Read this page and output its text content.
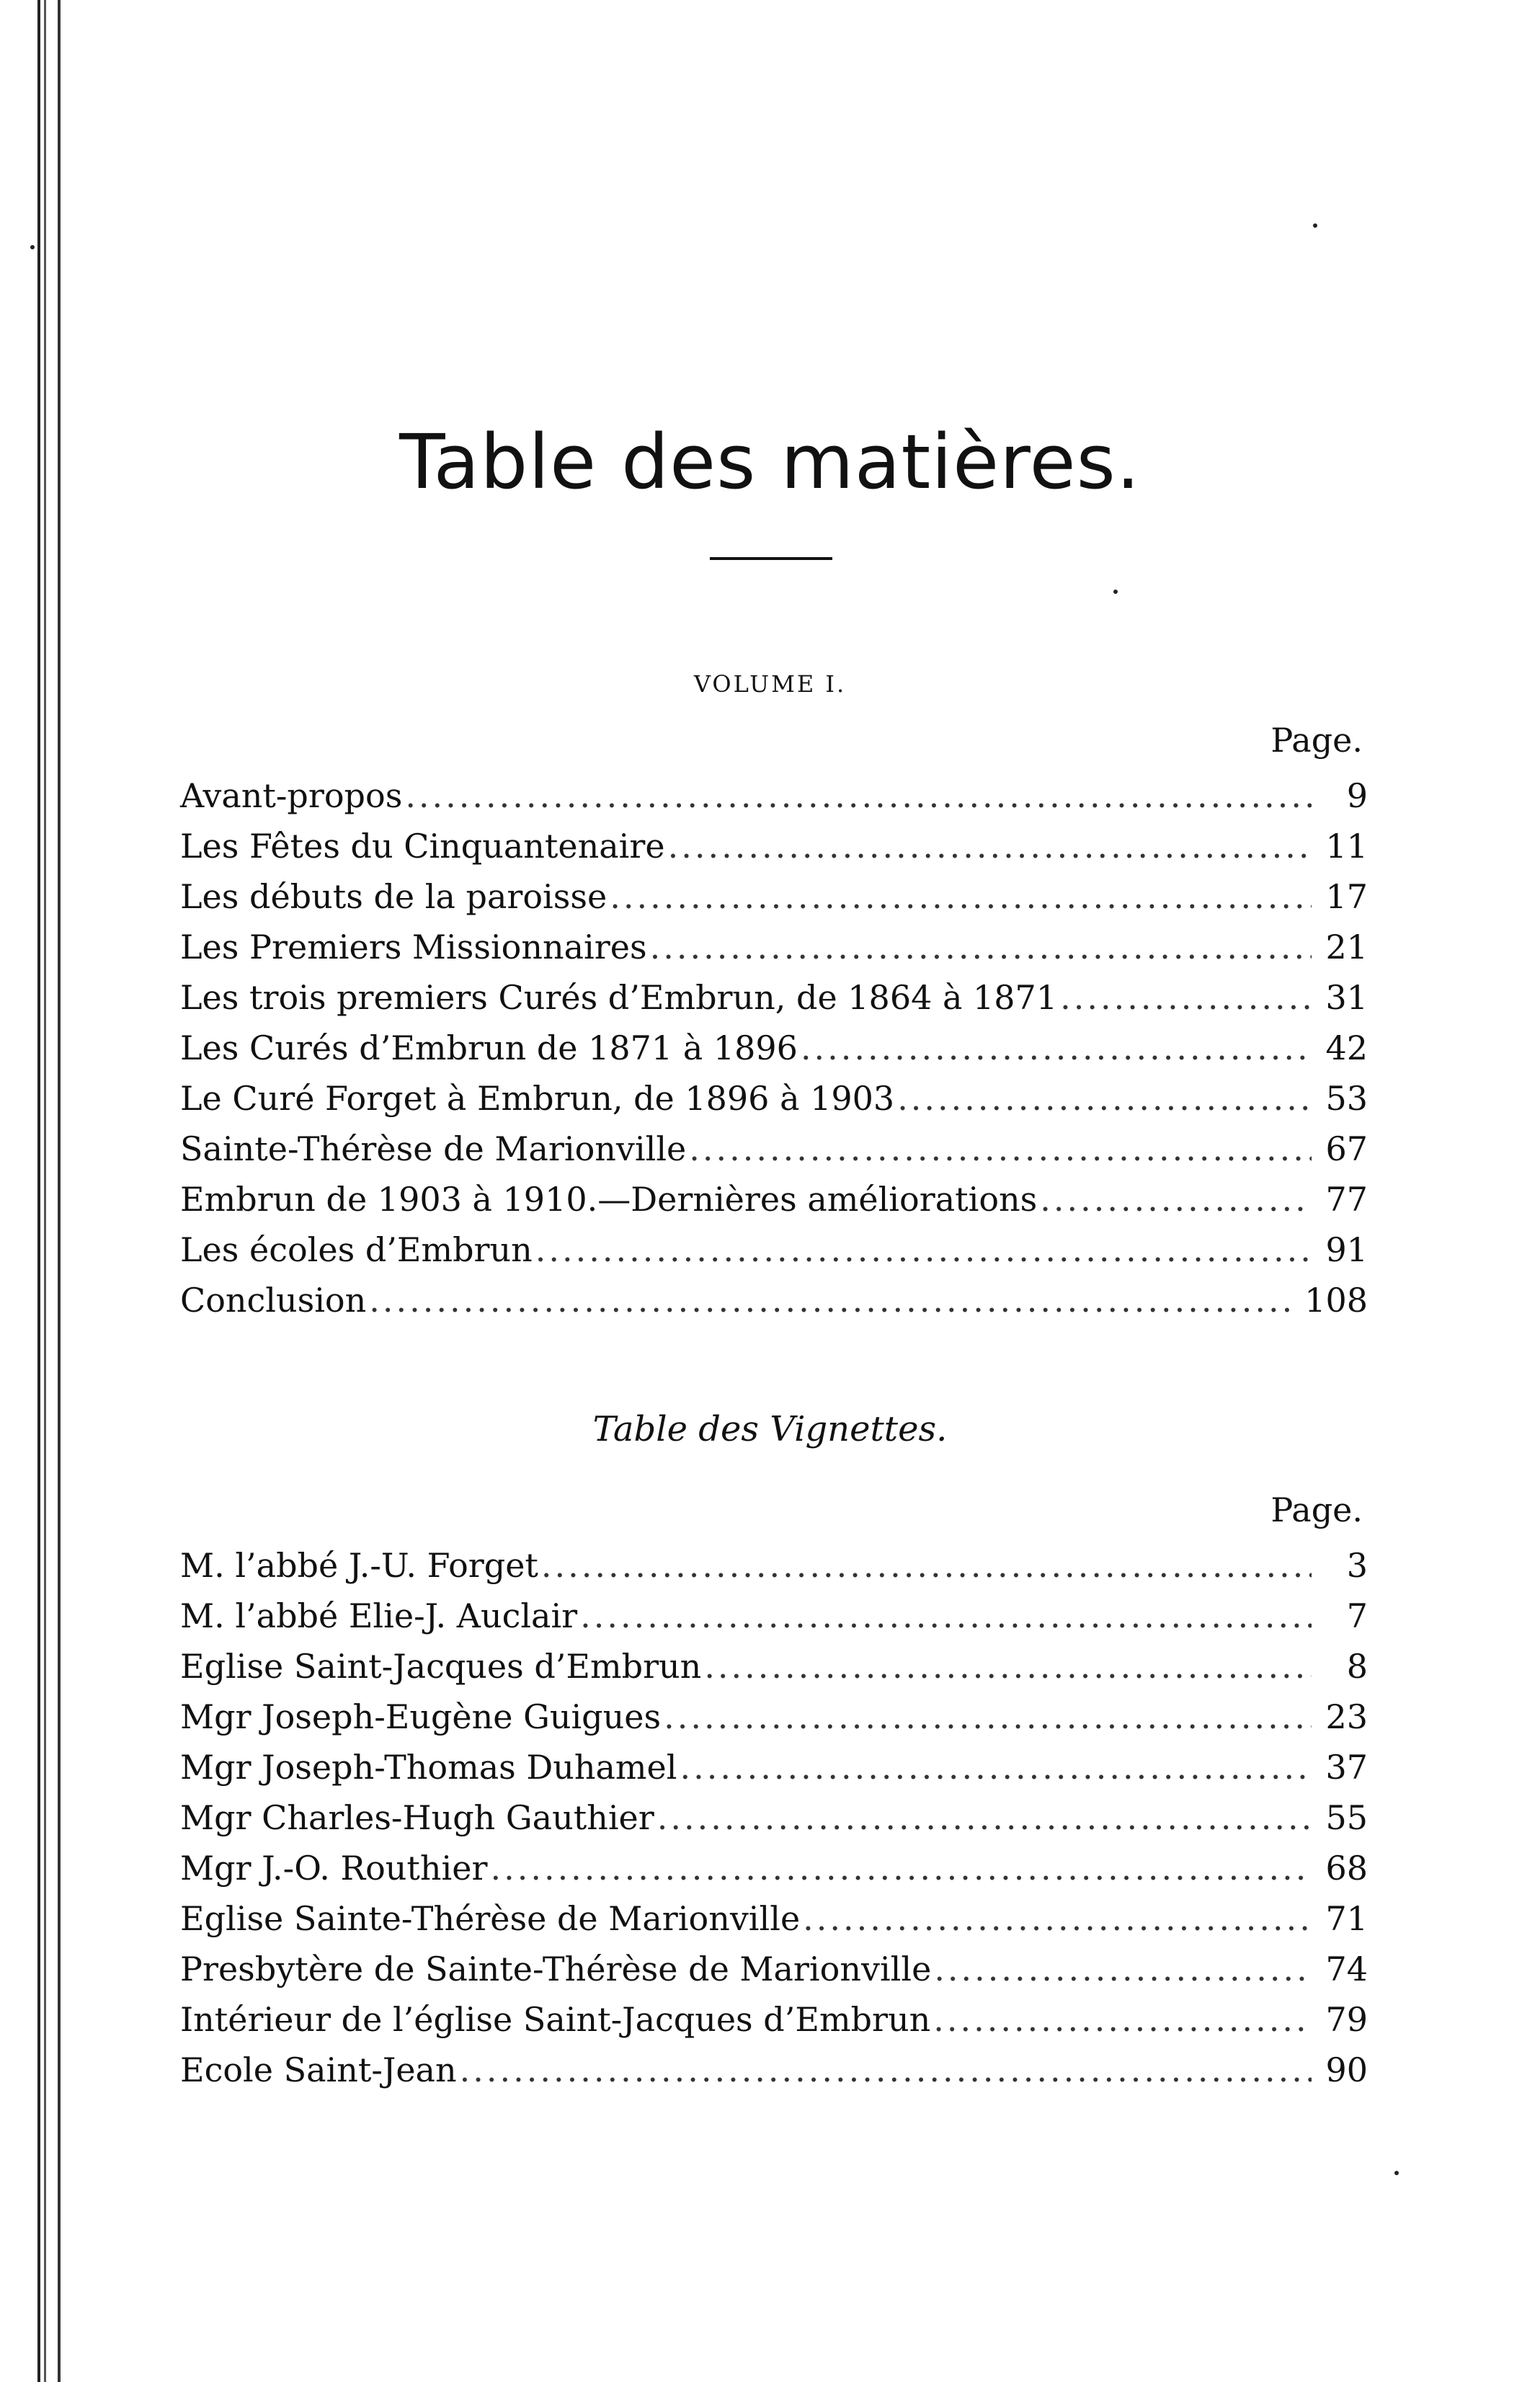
Table des matières.
VOLUME I.
Page.
Avant-propos .....	9
Les Fêtes du Cinquantenaire .....	11
Les débuts de la paroisse .....	17
Les Premiers Missionnaires .....	21
Les trois premiers Curés d’Embrun, de 1864 à 1871 .....	31
Les Curés d’Embrun de 1871 à 1896 .....	42
Le Curé Forget à Embrun, de 1896 à 1903 .....	53
Sainte-Thérèse de Marionville .....	67
Embrun de 1903 à 1910.—Dernières améliorations .....	77
Les écoles d’Embrun .....	91
Conclusion .....	108
Table des Vignettes.
Page.
M. l’abbé J.-U. Forget .....	3
M. l’abbé Elie-J. Auclair .....	7
Eglise Saint-Jacques d’Embrun .....	8
Mgr Joseph-Eugène Guigues .....	23
Mgr Joseph-Thomas Duhamel .....	37
Mgr Charles-Hugh Gauthier .....	55
Mgr J.-O. Routhier .....	68
Eglise Sainte-Thérèse de Marionville .....	71
Presbytère de Sainte-Thérèse de Marionville .....	74
Intérieur de l’église Saint-Jacques d’Embrun .....	79
Ecole Saint-Jean .....	90
